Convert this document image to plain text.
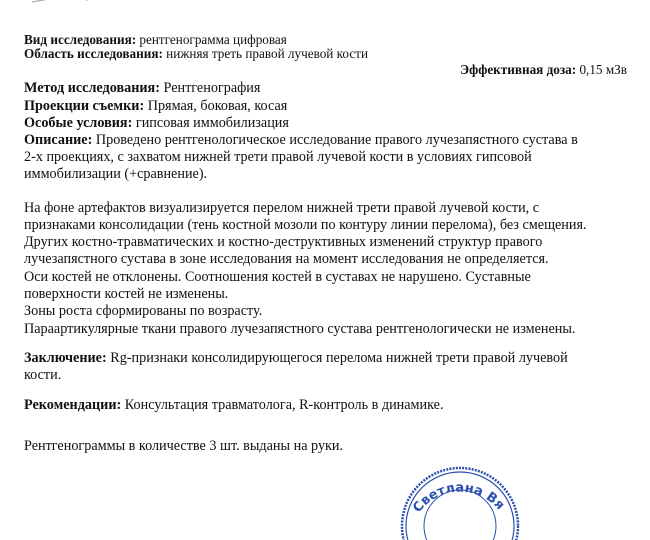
Вид исследования: рентгенограмма цифровая
Область исследования: нижняя треть правой лучевой кости
Эффективная доза: 0,15 мЗв
Метод исследования: Рентгенография
Проекции съемки: Прямая, боковая, косая
Особые условия: гипсовая иммобилизация
Описание: Проведено рентгенологическое исследование правого лучезапястного сустава в
2-х проекциях, с захватом нижней трети правой лучевой кости в условиях гипсовой
иммобилизации (+сравнение).
На фоне артефактов визуализируется перелом нижней трети правой лучевой кости, с
признаками консолидации (тень костной мозоли по контуру линии перелома), без смещения.
Других костно-травматических и костно-деструктивных изменений структур правого
лучезапястного сустава в зоне исследования на момент исследования не определяется.
Оси костей не отклонены. Соотношения костей в суставах не нарушено. Суставные
поверхности костей не изменены.
Зоны роста сформированы по возрасту.
Параартикулярные ткани правого лучезапястного сустава рентгенологически не изменены.
Заключение: Rg-признаки консолидирующегося перелома нижней трети правой лучевой
кости.
Рекомендации: Консультация травматолога, R-контроль в динамике.
Рентгенограммы в количестве 3 шт. выданы на руки.
Светлана Вя
